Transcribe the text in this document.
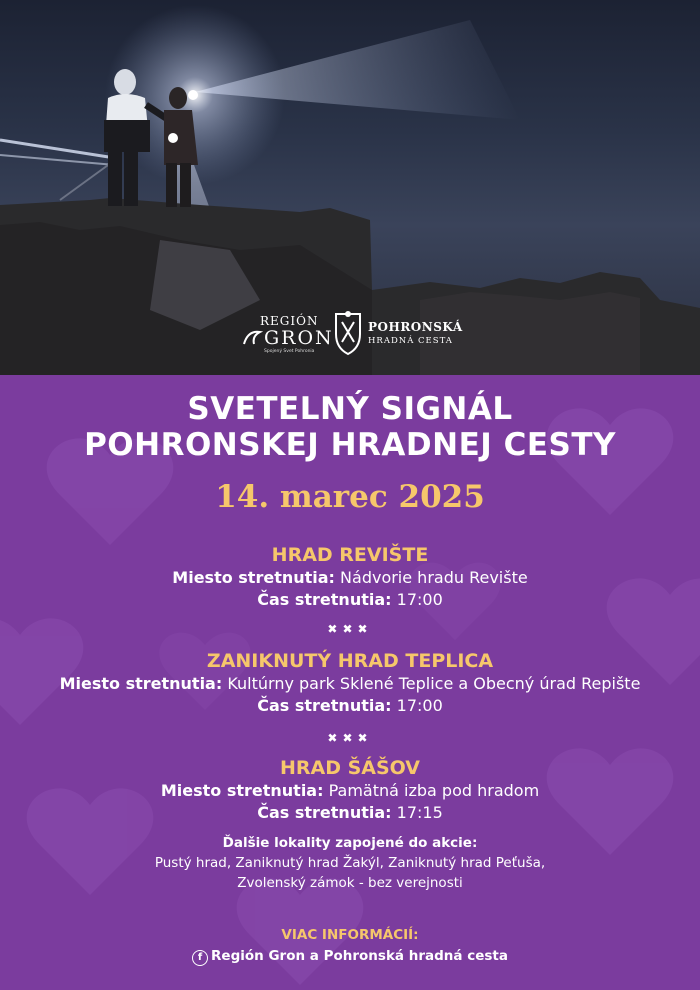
REGIÓN
GRON
Spojený Svet Pohronia
POHRONSKÁ
HRADNÁ CESTA
SVETELNÝ SIGNÁL
POHRONSKEJ HRADNEJ CESTY
14. marec 2025
HRAD REVIŠTE
Miesto stretnutia: Nádvorie hradu Revište
Čas stretnutia: 17:00
✖✖✖
ZANIKNUTÝ HRAD TEPLICA
Miesto stretnutia: Kultúrny park Sklené Teplice a Obecný úrad Repište
Čas stretnutia: 17:00
✖✖✖
HRAD ŠÁŠOV
Miesto stretnutia: Pamätná izba pod hradom
Čas stretnutia: 17:15
Ďalšie lokality zapojené do akcie:
Pustý hrad, Zaniknutý hrad Žakýl, Zaniknutý hrad Peťuša,
Zvolenský zámok - bez verejnosti
VIAC INFORMÁCIÍ:
f Región Gron a Pohronská hradná cesta
